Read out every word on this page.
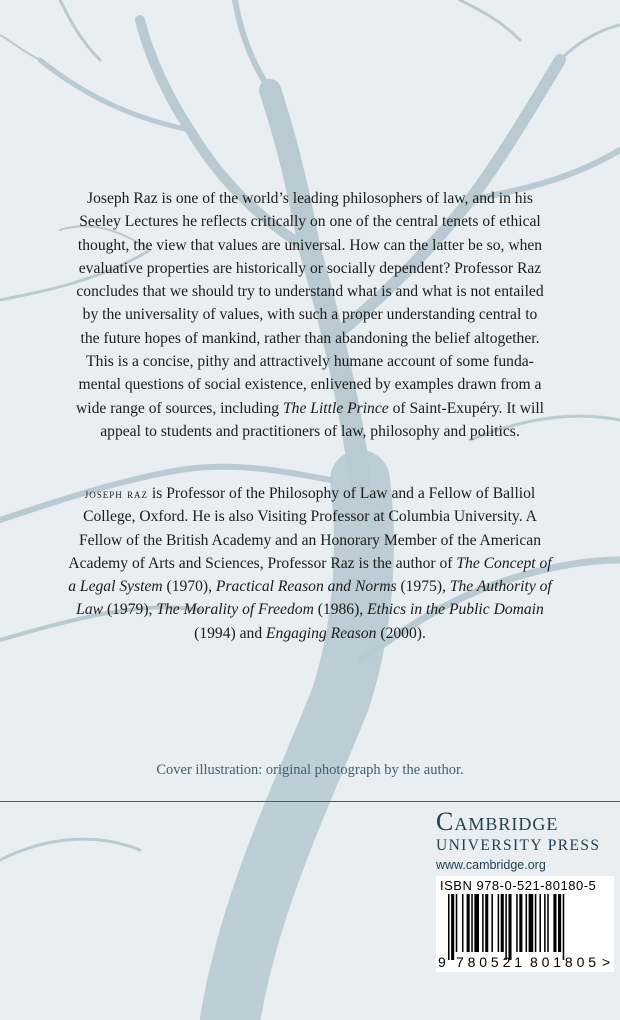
Joseph Raz is one of the world’s leading philosophers of law, and in his
Seeley Lectures he reflects critically on one of the central tenets of ethical
thought, the view that values are universal. How can the latter be so, when
evaluative properties are historically or socially dependent? Professor Raz
concludes that we should try to understand what is and what is not entailed
by the universality of values, with such a proper understanding central to
the future hopes of mankind, rather than abandoning the belief altogether.
This is a concise, pithy and attractively humane account of some funda-
mental questions of social existence, enlivened by examples drawn from a
wide range of sources, including The Little Prince of Saint-Exupéry. It will
appeal to students and practitioners of law, philosophy and politics.
joseph raz is Professor of the Philosophy of Law and a Fellow of Balliol
College, Oxford. He is also Visiting Professor at Columbia University. A
Fellow of the British Academy and an Honorary Member of the American
Academy of Arts and Sciences, Professor Raz is the author of The Concept of
a Legal System (1970), Practical Reason and Norms (1975), The Authority of
Law (1979), The Morality of Freedom (1986), Ethics in the Public Domain
(1994) and Engaging Reason (2000).
Cover illustration: original photograph by the author.
Cambridge
UNIVERSITY PRESS
www.cambridge.org
ISBN 978-0-521-80180-5
9 780521 801805 >
